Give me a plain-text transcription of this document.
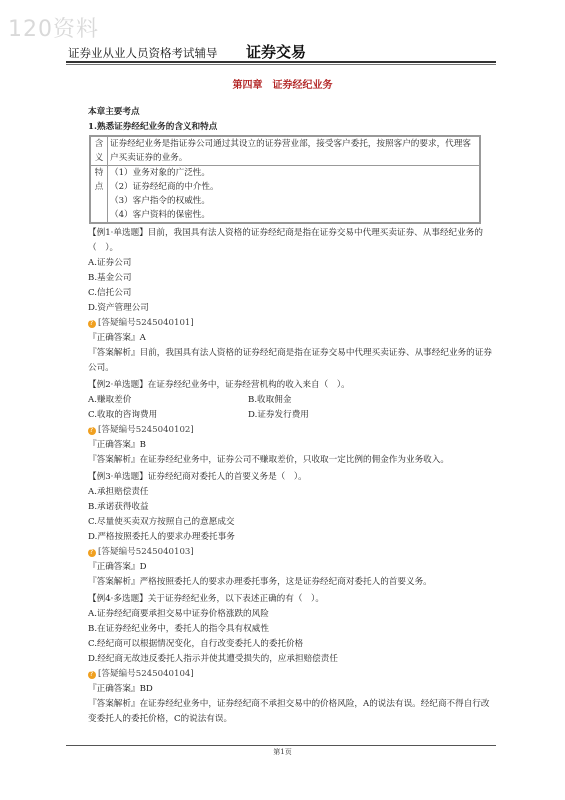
120资料
证券业从业人员资格考试辅导 证券交易
第四章　证券经纪业务
本章主要考点
1.熟悉证券经纪业务的含义和特点
含义	证券经纪业务是指证券公司通过其设立的证券营业部，接受客户委托，按照客户的要求，代理客户买卖证券的业务。
特点	（1）业务对象的广泛性。
（2）证券经纪商的中介性。
（3）客户指令的权威性。
（4）客户资料的保密性。
【例1·单选题】目前，我国具有法人资格的证券经纪商是指在证券交易中代理买卖证券、从事经纪业务的（　）。
A.证券公司
B.基金公司
C.信托公司
D.资产管理公司
?
[答疑编号5245040101]
『正确答案』A
『答案解析』目前，我国具有法人资格的证券经纪商是指在证券交易中代理买卖证券、从事经纪业务的证券公司。
【例2·单选题】在证券经纪业务中，证券经营机构的收入来自（　）。
A.赚取差价	B.收取佣金
C.收取的咨询费用	D.证券发行费用
?
[答疑编号5245040102]
『正确答案』B
『答案解析』在证券经纪业务中，证券公司不赚取差价，只收取一定比例的佣金作为业务收入。
【例3·单选题】证券经纪商对委托人的首要义务是（　）。
A.承担赔偿责任
B.承诺获得收益
C.尽量使买卖双方按照自己的意愿成交
D.严格按照委托人的要求办理委托事务
?
[答疑编号5245040103]
『正确答案』D
『答案解析』严格按照委托人的要求办理委托事务，这是证券经纪商对委托人的首要义务。
【例4·多选题】关于证券经纪业务，以下表述正确的有（　）。
A.证券经纪商要承担交易中证券价格涨跌的风险
B.在证券经纪业务中，委托人的指令具有权威性
C.经纪商可以根据情况变化，自行改变委托人的委托价格
D.经纪商无故违反委托人指示并使其遭受损失的，应承担赔偿责任
?
[答疑编号5245040104]
『正确答案』BD
『答案解析』在证券经纪业务中，证券经纪商不承担交易中的价格风险，A的说法有误。经纪商不得自行改变委托人的委托价格，C的说法有误。
第1页
